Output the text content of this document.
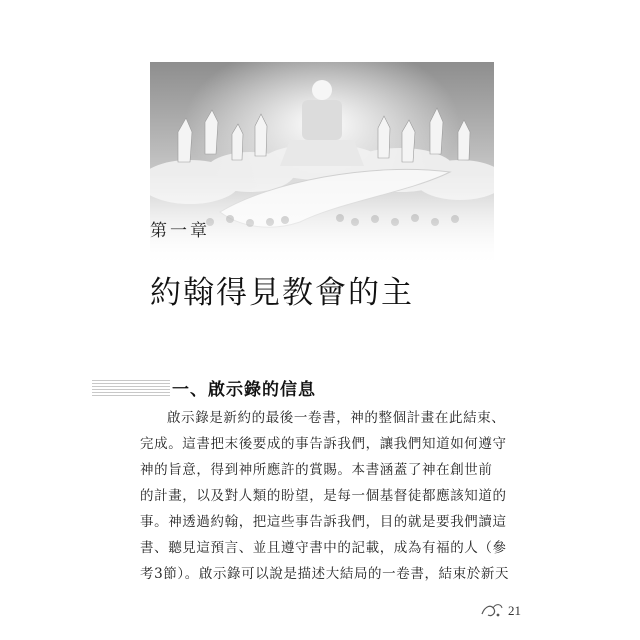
第一章
約翰得見教會的主
一、啟示錄的信息
啟示錄是新約的最後一卷書，神的整個計畫在此結束、
完成。這書把末後要成的事告訴我們，讓我們知道如何遵守
神的旨意，得到神所應許的賞賜。本書涵蓋了神在創世前
的計畫，以及對人類的盼望，是每一個基督徒都應該知道的
事。神透過約翰，把這些事告訴我們，目的就是要我們讀這
書、聽見這預言、並且遵守書中的記載，成為有福的人（參
考3節）。啟示錄可以說是描述大結局的一卷書，結束於新天
21
